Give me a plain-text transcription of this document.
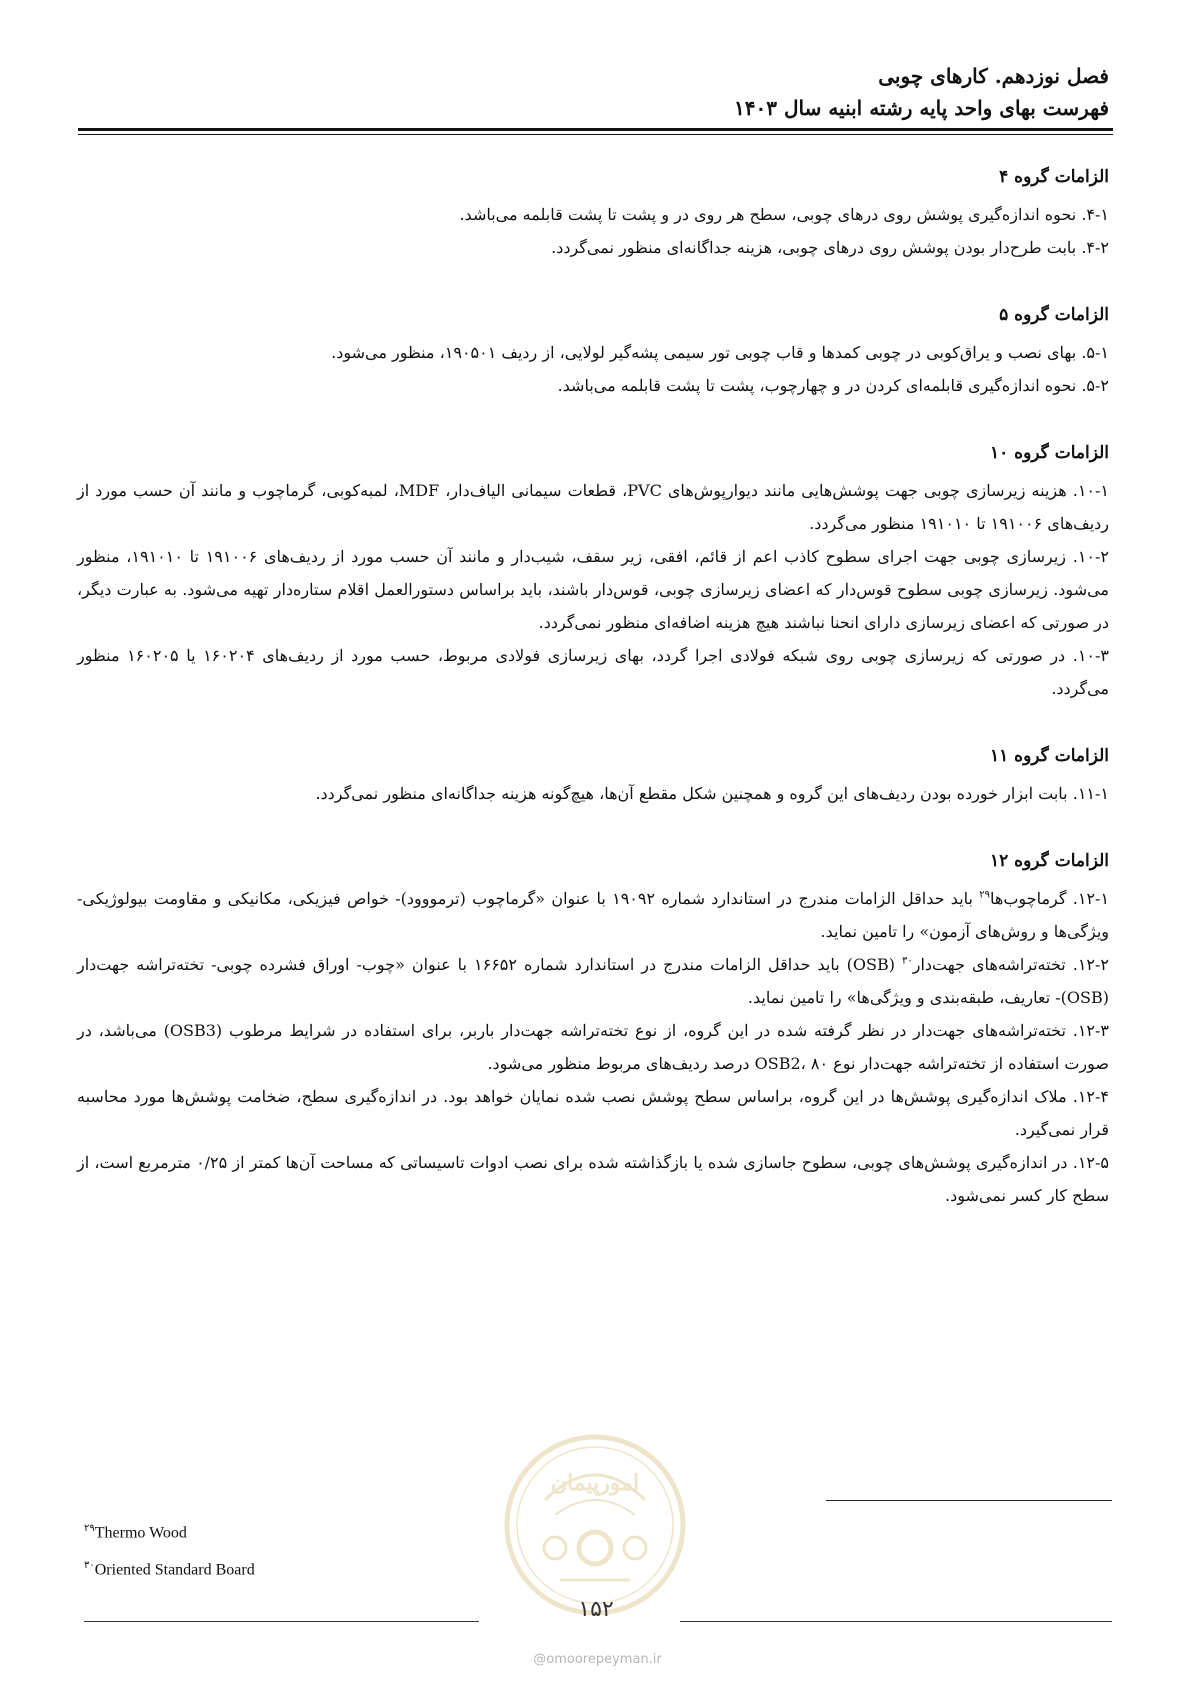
فصل نوزدهم. کارهای چوبی
فهرست بهای واحد پایه رشته ابنیه سال ۱۴۰۳
الزامات گروه ۴

۴-۱. نحوه اندازه‌گیری پوشش روی درهای چوبی، سطح هر روی در و پشت تا پشت قابلمه می‌باشد.

۴-۲. بابت طرح‌دار بودن پوشش روی درهای چوبی، هزینه جداگانه‌ای منظور نمی‌گردد.

الزامات گروه ۵

۵-۱. بهای نصب و یراق‌کوبی در چوبی کمدها و قاب چوبی تور سیمی پشه‌گیر لولایی، از ردیف ۱۹۰۵۰۱، منظور می‌شود.

۵-۲. نحوه اندازه‌گیری قابلمه‌ای کردن در و چهارچوب، پشت تا پشت قابلمه می‌باشد.

الزامات گروه ۱۰

۱۰-۱. هزینه زیرسازی چوبی جهت پوشش‌هایی مانند دیوارپوش‌های PVC، قطعات سیمانی الیاف‌دار، MDF، لمبه‌کوبی، گرماچوب و مانند آن حسب مورد از ردیف‌های ۱۹۱۰۰۶ تا ۱۹۱۰۱۰ منظور می‌گردد.

۱۰-۲. زیرسازی چوبی جهت اجرای سطوح کاذب اعم از قائم، افقی، زیر سقف، شیب‌دار و مانند آن حسب مورد از ردیف‌های ۱۹۱۰۰۶ تا ۱۹۱۰۱۰، منظور می‌شود. زیرسازی چوبی سطوح قوس‌دار که اعضای زیرسازی چوبی، قوس‌دار باشند، باید براساس دستورالعمل اقلام ستاره‌دار تهیه می‌شود. به عبارت دیگر، در صورتی که اعضای زیرسازی دارای انحنا نباشند هیچ هزینه اضافه‌ای منظور نمی‌گردد.

۱۰-۳. در صورتی که زیرسازی چوبی روی شبکه فولادی اجرا گردد، بهای زیرسازی فولادی مربوط، حسب مورد از ردیف‌های ۱۶۰۲۰۴ یا ۱۶۰۲۰۵ منظور می‌گردد.

الزامات گروه ۱۱

۱۱-۱. بابت ابزار خورده بودن ردیف‌های این گروه و همچنین شکل مقطع آن‌ها، هیچ‌گونه هزینه جداگانه‌ای منظور نمی‌گردد.

الزامات گروه ۱۲

۱۲-۱. گرماچوب‌ها$^{۲۹}$ باید حداقل الزامات مندرج در استاندارد شماره ۱۹۰۹۲ با عنوان «گرماچوب (ترمووود)- خواص فیزیکی، مکانیکی و مقاومت بیولوژیکی- ویژگی‌ها و روش‌های آزمون» را تامین نماید.

۱۲-۲. تخته‌تراشه‌های جهت‌دار$^{۳۰}$ (OSB) باید حداقل الزامات مندرج در استاندارد شماره ۱۶۶۵۲ با عنوان «چوب- اوراق فشرده چوبی- تخته‌تراشه جهت‌دار (OSB)- تعاریف، طبقه‌بندی و ویژگی‌ها» را تامین نماید.

۱۲-۳. تخته‌تراشه‌های جهت‌دار در نظر گرفته شده در این گروه، از نوع تخته‌تراشه جهت‌دار باربر، برای استفاده در شرایط مرطوب (OSB3) می‌باشد، در صورت استفاده از تخته‌تراشه جهت‌دار نوع OSB2، ۸۰ درصد ردیف‌های مربوط منظور می‌شود.

۱۲-۴. ملاک اندازه‌گیری پوشش‌ها در این گروه، براساس سطح پوشش نصب شده نمایان خواهد بود. در اندازه‌گیری سطح، ضخامت پوشش‌ها مورد محاسبه قرار نمی‌گیرد.

۱۲-۵. در اندازه‌گیری پوشش‌های چوبی، سطوح جاسازی شده یا بازگذاشته شده برای نصب ادوات تاسیساتی که مساحت آن‌ها کمتر از ۰/۲۵ مترمربع است، از سطح کار کسر نمی‌شود.

$^{۲۹}$Thermo Wood
$^{۳۰}$Oriented Standard Board
امورپیمان
۱۵۲
@omoorepeyman.ir
